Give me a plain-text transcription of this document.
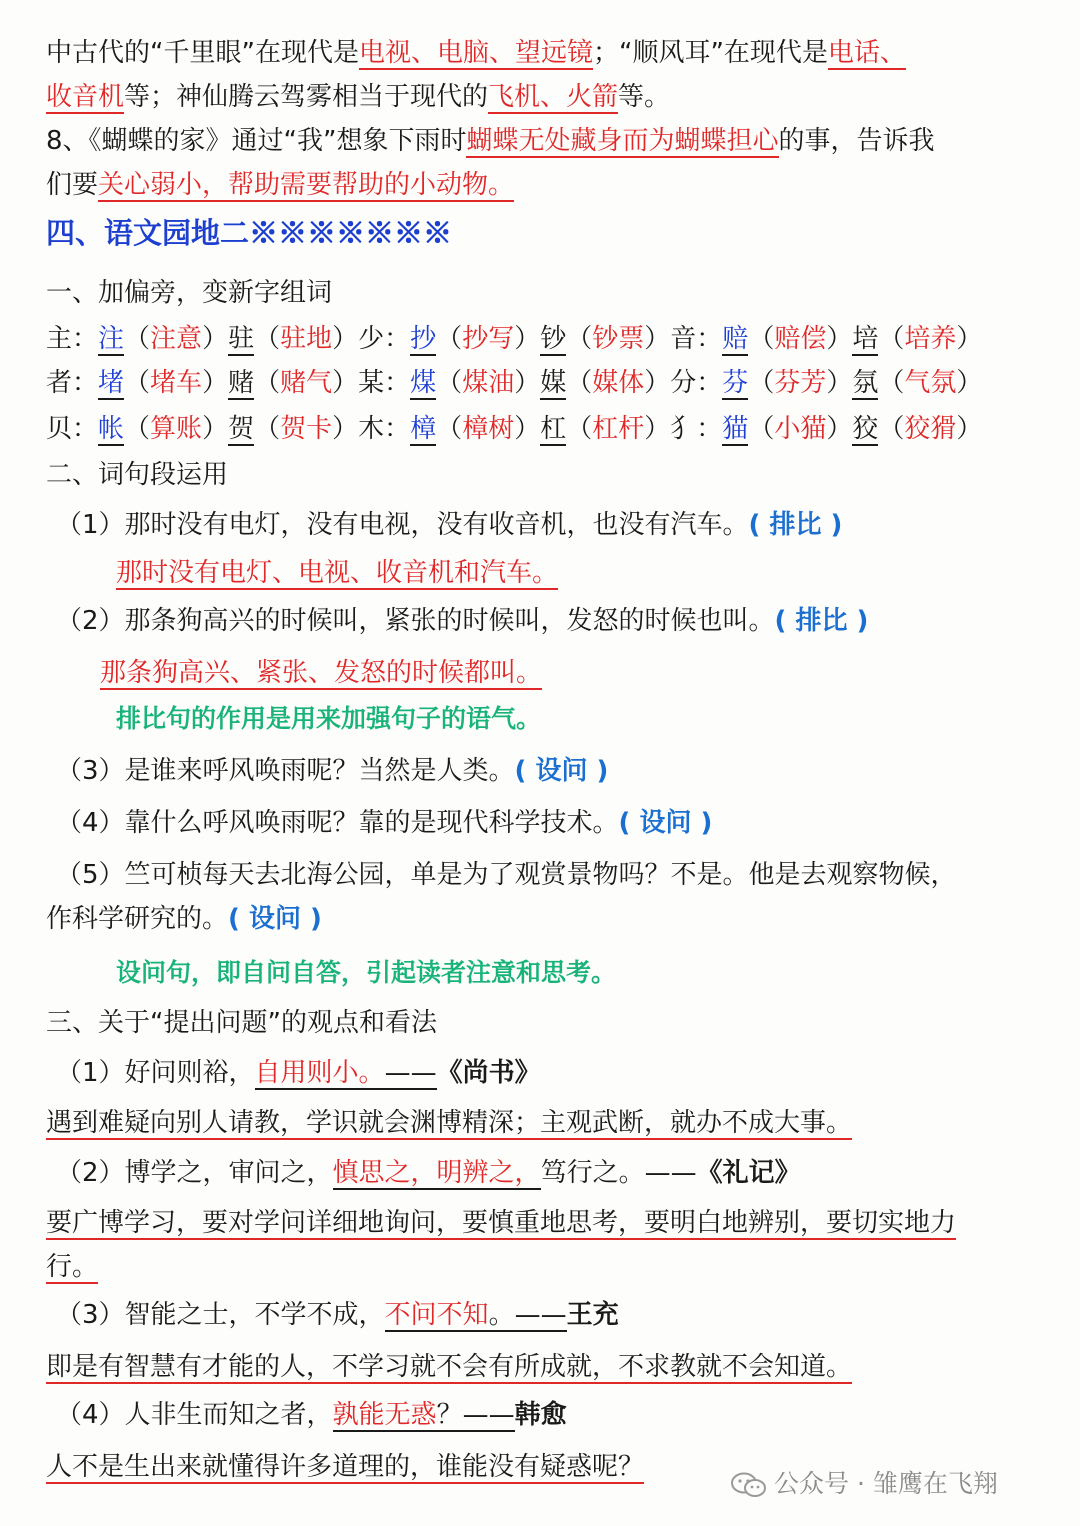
中古代的“千里眼”在现代是电视、电脑、望远镜；“顺风耳”在现代是电话、
收音机等；神仙腾云驾雾相当于现代的飞机、火箭等。
8、《蝴蝶的家》通过“我”想象下雨时蝴蝶无处藏身而为蝴蝶担心的事，告诉我
们要关心弱小，帮助需要帮助的小动物。
四、语文园地二※※※※※※※
一、加偏旁，变新字组词
主：注（注意）驻（驻地）少：抄（抄写）钞（钞票）音：赔（赔偿）培（培养）
者：堵（堵车）赌（赌气）某：煤（煤油）媒（媒体）分：芬（芬芳）氛（气氛）
贝：帐（算账）贺（贺卡）木：樟（樟树）杠（杠杆）犭：猫（小猫）狡（狡猾）
二、词句段运用
（1）那时没有电灯，没有电视，没有收音机，也没有汽车。( 排比 )
那时没有电灯、电视、收音机和汽车。
（2）那条狗高兴的时候叫，紧张的时候叫，发怒的时候也叫。( 排比 )
那条狗高兴、紧张、发怒的时候都叫。
排比句的作用是用来加强句子的语气。
（3）是谁来呼风唤雨呢？当然是人类。( 设问 )
（4）靠什么呼风唤雨呢？靠的是现代科学技术。( 设问 )
（5）竺可桢每天去北海公园，单是为了观赏景物吗？不是。他是去观察物候，
作科学研究的。( 设问 )
设问句，即自问自答，引起读者注意和思考。
三、关于“提出问题”的观点和看法
（1）好问则裕，自用则小。——《尚书》
遇到难疑向别人请教，学识就会渊博精深；主观武断，就办不成大事。
（2）博学之，审问之，慎思之，明辨之，笃行之。——《礼记》
要广博学习，要对学问详细地询问，要慎重地思考，要明白地辨别，要切实地力
行。
（3）智能之士，不学不成，不问不知。——王充
即是有智慧有才能的人，不学习就不会有所成就，不求教就不会知道。
（4）人非生而知之者，孰能无惑？——韩愈
人不是生出来就懂得许多道理的，谁能没有疑惑呢？
公众号 · 雏鹰在飞翔
